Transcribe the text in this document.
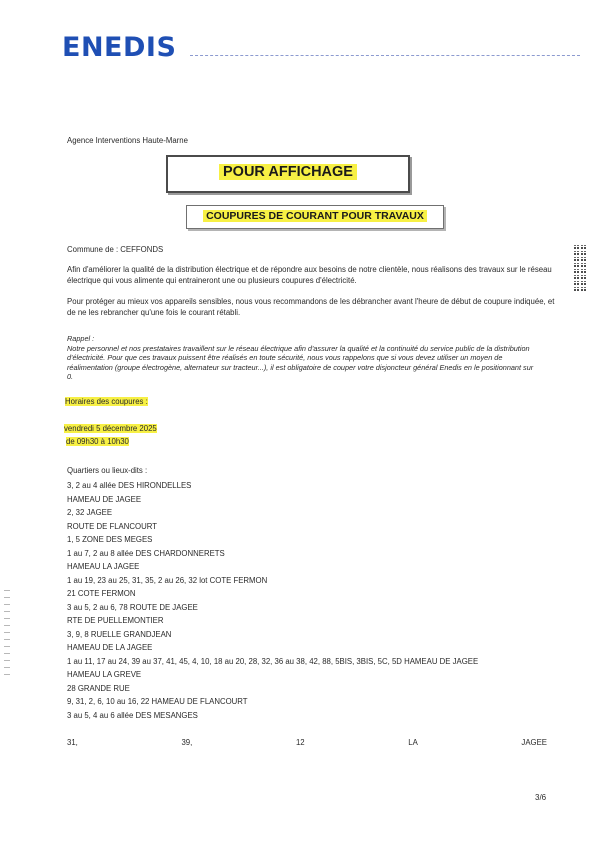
ENEDIS
Agence Interventions Haute-Marne
POUR AFFICHAGE
COUPURES DE COURANT POUR TRAVAUX
Commune de : CEFFONDS
Afin d'améliorer la qualité de la distribution électrique et de répondre aux besoins de notre clientèle, nous réalisons des travaux sur le réseau électrique qui vous alimente qui entraineront une ou plusieurs coupures d'électricité.
Pour protéger au mieux vos appareils sensibles, nous vous recommandons de les débrancher avant l'heure de début de coupure indiquée, et de ne les rebrancher qu'une fois le courant rétabli.
Rappel :
Notre personnel et nos prestataires travaillent sur le réseau électrique afin d'assurer la qualité et la continuité du service public de la distribution d'électricité. Pour que ces travaux puissent être réalisés en toute sécurité, nous vous rappelons que si vous devez utiliser un moyen de réalimentation (groupe électrogène, alternateur sur tracteur...), il est obligatoire de couper votre disjoncteur général Enedis en le positionnant sur 0.
Horaires des coupures :
vendredi 5 décembre 2025
de 09h30 à 10h30
Quartiers ou lieux-dits :
3, 2 au 4 allée DES HIRONDELLES
HAMEAU DE JAGEE
2, 32 JAGEE
ROUTE DE FLANCOURT
1, 5 ZONE DES MEGES
1 au 7, 2 au 8 allée DES CHARDONNERETS
HAMEAU LA JAGEE
1 au 19, 23 au 25, 31, 35, 2 au 26, 32 lot COTE FERMON
21 COTE FERMON
3 au 5, 2 au 6, 78 ROUTE DE JAGEE
RTE DE PUELLEMONTIER
3, 9, 8 RUELLE GRANDJEAN
HAMEAU DE LA JAGEE
1 au 11, 17 au 24, 39 au 37, 41, 45, 4, 10, 18 au 20, 28, 32, 36 au 38, 42, 88, 5BIS, 3BIS, 5C, 5D HAMEAU DE JAGEE
HAMEAU LA GREVE
28 GRANDE RUE
9, 31, 2, 6, 10 au 16, 22 HAMEAU DE FLANCOURT
3 au 5, 4 au 6 allée DES MESANGES
31,	39,	12	LA	JAGEE
3/6
